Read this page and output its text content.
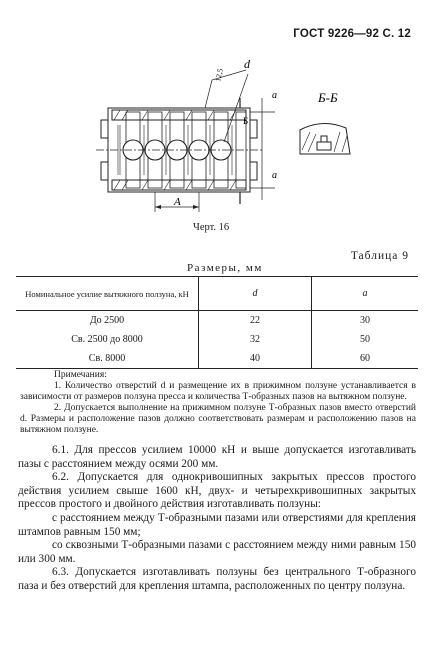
ГОСТ 9226—92 С. 12
d
12,5
a
a
A
Б
Б-Б
Черт. 16
Таблица 9
Размеры, мм
Номинальное усилие вытяжного ползуна, кН	d	a
До 2500	22	30
Св. 2500 до 8000	32	50
Св. 8000	40	60

Примечания:

1. Количество отверстий d и размещение их в прижимном ползуне устанавливается в зависимости от размеров ползуна пресса и количества Т-образных пазов на вытяжном ползуне.

2. Допускается выполнение на прижимном ползуне Т-образных пазов вместо отверстий d. Размеры и расположение пазов должно соответствовать размерам и расположению пазов на вытяжном ползуне.

6.1. Для прессов усилием 10000 кН и выше допускается изготавливать пазы с расстоянием между осями 200 мм.

6.2. Допускается для однокривошипных закрытых прессов простого действия усилием свыше 1600 кН, двух- и четырехкривошипных закрытых прессов простого и двойного действия изготавливать ползуны:

с расстоянием между Т-образными пазами или отверстиями для крепления штампов равным 150 мм;

со сквозными Т-образными пазами с расстоянием между ними равным 150 или 300 мм.

6.3. Допускается изготавливать ползуны без центрального Т-образного паза и без отверстий для крепления штампа, расположенных по центру ползуна.
